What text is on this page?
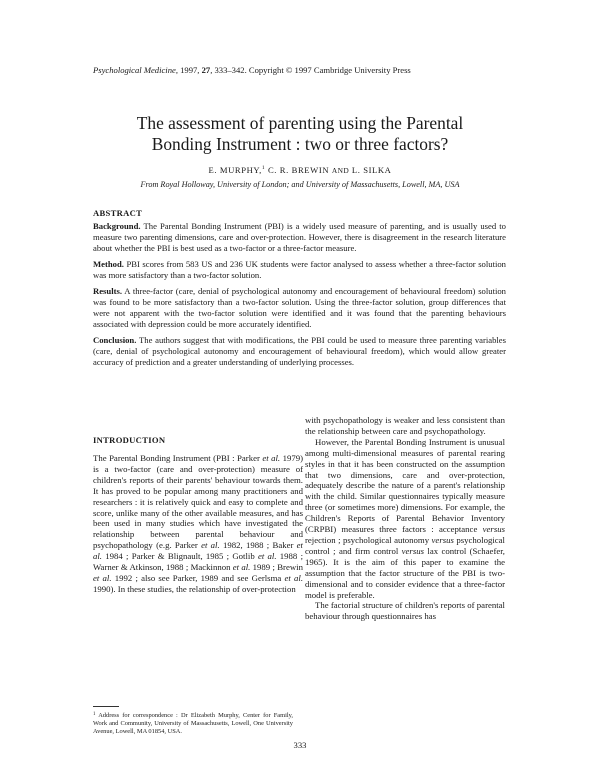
Psychological Medicine, 1997, 27, 333–342. Copyright © 1997 Cambridge University Press
The assessment of parenting using the Parental
Bonding Instrument : two or three factors?
E. MURPHY,$^1$ C. R. BREWIN AND L. SILKA
From Royal Holloway, University of London; and University of Massachusetts, Lowell, MA, USA
ABSTRACT

Background. The Parental Bonding Instrument (PBI) is a widely used measure of parenting, and is usually used to measure two parenting dimensions, care and over-protection. However, there is disagreement in the research literature about whether the PBI is best used as a two-factor or a three-factor measure.

Method. PBI scores from 583 US and 236 UK students were factor analysed to assess whether a three-factor solution was more satisfactory than a two-factor solution.

Results. A three-factor (care, denial of psychological autonomy and encouragement of behavioural freedom) solution was found to be more satisfactory than a two-factor solution. Using the three-factor solution, group differences that were not apparent with the two-factor solution were identified and it was found that the parenting behaviours associated with depression could be more accurately identified.

Conclusion. The authors suggest that with modifications, the PBI could be used to measure three parenting variables (care, denial of psychological autonomy and encouragement of behavioural freedom), which would allow greater accuracy of prediction and a greater understanding of underlying processes.

INTRODUCTION

The Parental Bonding Instrument (PBI : Parker et al. 1979) is a two-factor (care and over-protection) measure of children's reports of their parents' behaviour towards them. It has proved to be popular among many practitioners and researchers : it is relatively quick and easy to complete and score, unlike many of the other available measures, and has been used in many studies which have investigated the relationship between parental behaviour and psychopathology (e.g. Parker et al. 1982, 1988 ; Baker et al. 1984 ; Parker & Blignault, 1985 ; Gotlib et al. 1988 ; Warner & Atkinson, 1988 ; Mackinnon et al. 1989 ; Brewin et al. 1992 ; also see Parker, 1989 and see Gerlsma et al. 1990). In these studies, the relationship of over-protection

with psychopathology is weaker and less consistent than the relationship between care and psychopathology.

However, the Parental Bonding Instrument is unusual among multi-dimensional measures of parental rearing styles in that it has been constructed on the assumption that two dimensions, care and over-protection, adequately describe the nature of a parent's relationship with the child. Similar questionnaires typically measure three (or sometimes more) dimensions. For example, the Children's Reports of Parental Behavior Inventory (CRPBI) measures three factors : acceptance versus rejection ; psychological autonomy versus psychological control ; and firm control versus lax control (Schaefer, 1965). It is the aim of this paper to examine the assumption that the factor structure of the PBI is two-dimensional and to consider evidence that a three-factor model is preferable.

The factorial structure of children's reports of parental behaviour through questionnaires has

$^1$ Address for correspondence : Dr Elizabeth Murphy, Center for Family, Work and Community, University of Massachusetts, Lowell, One University Avenue, Lowell, MA 01854, USA.
333
